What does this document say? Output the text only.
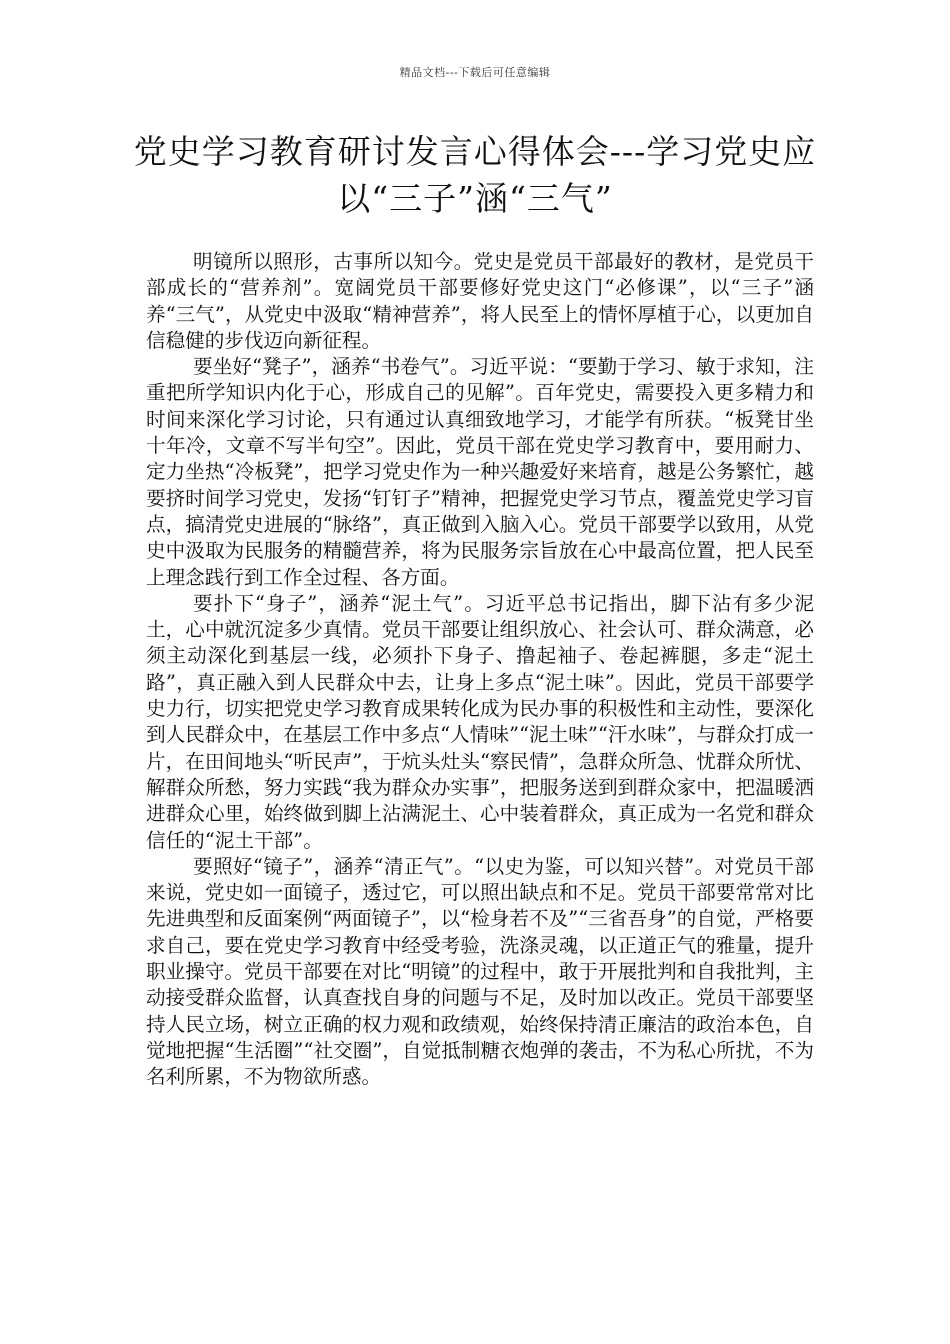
精品文档---下载后可任意编辑
党史学习教育研讨发言心得体会---学习党史应以“三子”涵“三气”

明镜所以照形，古事所以知今。党史是党员干部最好的教材，是党员干部成长的“营养剂”。宽阔党员干部要修好党史这门“必修课”，以“三子”涵养“三气”，从党史中汲取“精神营养”，将人民至上的情怀厚植于心，以更加自信稳健的步伐迈向新征程。

要坐好“凳子”，涵养“书卷气”。习近平说：“要勤于学习、敏于求知，注重把所学知识内化于心，形成自己的见解”。百年党史，需要投入更多精力和时间来深化学习讨论，只有通过认真细致地学习，才能学有所获。“板凳甘坐十年冷，文章不写半句空”。因此，党员干部在党史学习教育中，要用耐力、定力坐热“冷板凳”，把学习党史作为一种兴趣爱好来培育，越是公务繁忙，越要挤时间学习党史，发扬“钉钉子”精神，把握党史学习节点，覆盖党史学习盲点，搞清党史进展的“脉络”，真正做到入脑入心。党员干部要学以致用，从党史中汲取为民服务的精髓营养，将为民服务宗旨放在心中最高位置，把人民至上理念践行到工作全过程、各方面。

要扑下“身子”，涵养“泥土气”。习近平总书记指出，脚下沾有多少泥土，心中就沉淀多少真情。党员干部要让组织放心、社会认可、群众满意，必须主动深化到基层一线，必须扑下身子、撸起袖子、卷起裤腿，多走“泥土路”，真正融入到人民群众中去，让身上多点“泥土味”。因此，党员干部要学史力行，切实把党史学习教育成果转化成为民办事的积极性和主动性，要深化到人民群众中，在基层工作中多点“人情味”“泥土味”“汗水味”，与群众打成一片，在田间地头“听民声”，于炕头灶头“察民情”，急群众所急、忧群众所忧、解群众所愁，努力实践“我为群众办实事”，把服务送到到群众家中，把温暖洒进群众心里，始终做到脚上沾满泥土、心中装着群众，真正成为一名党和群众信任的“泥土干部”。

要照好“镜子”，涵养“清正气”。“以史为鉴，可以知兴替”。对党员干部来说，党史如一面镜子，透过它，可以照出缺点和不足。党员干部要常常对比先进典型和反面案例“两面镜子”，以“检身若不及”“三省吾身”的自觉，严格要求自己，要在党史学习教育中经受考验，洗涤灵魂，以正道正气的雅量，提升职业操守。党员干部要在对比“明镜”的过程中，敢于开展批判和自我批判，主动接受群众监督，认真查找自身的问题与不足，及时加以改正。党员干部要坚持人民立场，树立正确的权力观和政绩观，始终保持清正廉洁的政治本色，自觉地把握“生活圈”“社交圈”，自觉抵制糖衣炮弹的袭击，不为私心所扰，不为名利所累，不为物欲所惑。
